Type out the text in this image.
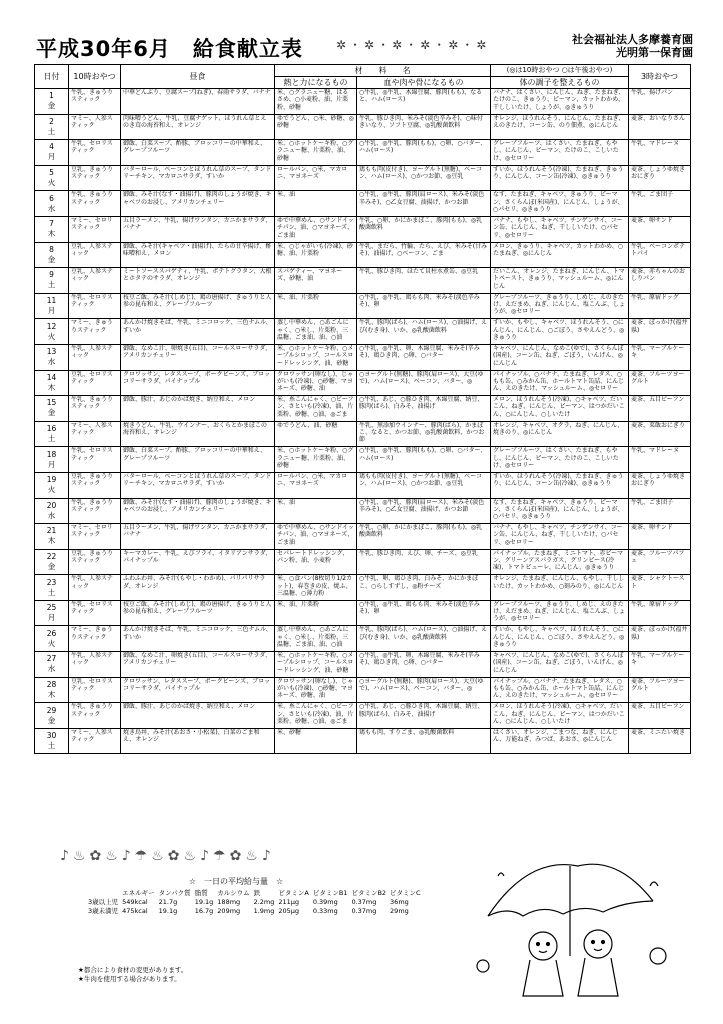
平成30年6月　給食献立表	✲・✲・✲・✲・✲・✲	社会福祉法人多摩養育園
光明第一保育園
日付	10時おやつ	昼食	材　　料　　名		(◎は10時おやつ ○は午後おやつ)	3時おやつ
			熱と力になるもの	血や肉や骨になるもの	体の調子を整えるもの	

1
金	牛乳、きゅうりスティック	中華どんぶり、豆腐スープ(ねぎ)、春雨サラダ、バナナ	米、○グラニュー糖、はるさめ、○小麦粉、油、片栗粉、砂糖	○牛乳、◎牛乳、木綿豆腐、豚肉(もも)、なると、ハム(ロース)	バナナ、はくさい、にんじん、ねぎ、たまねぎ、たけのこ、きゅうり、ピーマン、カットわかめ、干ししいたけ、しょうが、◎きゅうり	牛乳、揚げパン

2
土	マミー、人参スティック	肉味噌うどん、牛乳、豆腐ナゲット、ほうれん草とえのき茸の海苔和え、オレンジ	ゆでうどん、○米、砂糖、◎砂糖	牛乳、豚ひき肉、米みそ(淡色辛みそ)、○味付きいなり、ソフト豆腐、◎乳酸菌飲料	オレンジ、ほうれんそう、にんじん、たまねぎ、えのきたけ、コーン缶、のり佃煮、◎にんじん	麦茶、おいなりさん

4
月	牛乳、セロリスティック	御飯、白菜スープ、酢豚、ブロッコリーの中華和え、グレープフルーツ	米、○ホットケーキ粉、○グラニュー糖、片栗粉、油、砂糖	○牛乳、◎牛乳、豚肉(もも)、○卵、○バター、ハム(ロース)	グレープフルーツ、はくさい、たまねぎ、もやし、にんじん、ピーマン、たけのこ、こしいたけ、◎セロリー	牛乳、マドレーヌ

5
火	豆乳、きゅうりスティック	バターロール、ベーコンとほうれん草のスープ、タンドリーチキン、マカロニサラダ、すいか	ロールパン、○米、マカロニ、マヨネーズ	鶏もも肉(皮付き)、ヨーグルト(無糖)、ベーコン、ハム(ロース)、○かつお節、◎豆乳	すいか、ほうれんそう(冷凍)、たまねぎ、きゅうり、にんじん、コーン缶(冷凍)、◎きゅうり	麦茶、しょうゆ焼きおにぎり

6
水	牛乳、きゅうりスティック	御飯、みそ汁(なす・油揚げ)、豚肉のしょうが焼き、キャベツのお浸し、アメリカンチェリー	米、油	○牛乳、◎牛乳、豚肉(肩ロース)、米みそ(淡色辛みそ)、○乙女豆腐、油揚げ、かつお節	なす、たまねぎ、キャベツ、きゅうり、ピーマン、さくらんぼ(米国産)、にんじん、しょうが、○パセリ、◎きゅうり	牛乳、ごま団子

7
木	マミー、セロリスティック	五目ラーメン、牛乳、揚げワンタン、カニかまサラダ、バナナ	ゆで中華めん、○サンドイッチパン、油、○マヨネーズ、ごま油	牛乳、○卵、かにかまぼこ、豚肉(もも)、◎乳酸菌飲料	バナナ、もやし、キャベツ、チンゲンサイ、コーン缶、にんじん、ねぎ、干ししいたけ、○パセリ、◎セロリー	麦茶、卵サンド

8
金	豆乳、人参スティック	御飯、みそ汁(キャベツ・油揚げ)、たらの甘辛揚げ、酢味噌和え、メロン	米、○じゃがいも(冷凍)、砂糖、油、片栗粉	牛乳、まだら、竹輪、たら、えび、米みそ(甘みそ)、油揚げ、○ベーコン、ごま	メロン、きゅうり、キャベツ、カットわかめ、○たまねぎ、◎にんじん	牛乳、ベーコンポテトパイ

9
土	豆乳、人参スティック	ミートソーススパゲティ、牛乳、ポテトグラタン、大根とホタテのサラダ、オレンジ	スパゲティー、マヨネーズ、砂糖、油	牛乳、豚ひき肉、ほたて貝柱水煮缶、◎豆乳	だいこん、オレンジ、たまねぎ、にんじん、トマトペースト、きゅうり、マッシュルーム、◎にんじん	麦茶、赤ちゃんのおしりパン

11
月	牛乳、セロリスティック	枝豆ご飯、みそ汁(しめじ)、鶏の唐揚げ、きゅうりと人参の昆布和え、グレープフルーツ	米、油、片栗粉	○牛乳、◎牛乳、鶏もも肉、米みそ(淡色辛みそ)、卵	グレープフルーツ、きゅうり、しめじ、えのきたけ、えだまめ、ねぎ、にんじん、塩こんぶ、しょうが、◎セロリー	牛乳、原宿ドッグ

12
火	マミー、きゅうりスティック	あんかけ焼きそば、牛乳、ミニコロッケ、三色ナムル、すいか	蒸し中華めん、○あごんにゃく、○米し、片栗粉、三温糖、ごま油、油、○油	牛乳、豚肉(ばら)、ハム(ロース)、○油揚げ、えび(むき身)、いか、◎乳酸菌飲料	すいか、もやし、キャベツ、ほうれんそう、○にんじん、にんじん、○ごぼう、さやえんどう、◎きゅうり	麦茶、ぽっかけ(福井県)

13
水	牛乳、人参スティック	御飯、なめこ汁、卵焼き(五目)、コールスローサラダ、アメリカンチェリー	米、○ホットケーキ粉、○メープルシロップ、コールスロードレッシング、油、砂糖	○牛乳、◎牛乳、卵、木綿豆腐、米みそ(辛みそ)、鶏ひき肉、○卵、○バター	キャベツ、にんじん、なめこ(ゆで)、さくらんぼ(国産)、コーン缶、ねぎ、ごぼう、いんげん、◎にんじん	牛乳、マーブルケーキ

14
木	豆乳、セロリスティック	クロワッサン、レタススープ、ポークビーンズ、ブロッコリーサラダ、パイナップル	クロワッサン(卵なし)、じゃがいも(冷凍)、○砂糖、マヨネーズ、砂糖、油	○ヨーグルト(無糖)、豚肉(肩ロース)、大豆(ゆで)、ハム(ロース)、ベーコン、バター、◎	パイナップル、○バナナ、たまねぎ、レタス、○もも缶、○みかん缶、ホールトマト缶詰、にんじん、えのきたけ、マッシュルーム、◎セロリー	麦茶、フルーツヨーグルト

15
金	牛乳、きゅうりスティック	御飯、豚汁、あじのかば焼き、納豆和え、メロン	米、糸こんにゃく、○ビーフン、さといも(冷凍)、油、片栗粉、砂糖、○油、◎ごま	○牛乳、あじ、○豚ひき肉、木綿豆腐、納豆、豚肉(ばら)、白みそ、油揚げ	メロン、ほうれんそう(冷凍)、○キャベツ、だいこん、ねぎ、にんじん、ピーマン、はつかだいこん、○にんじん、○しいたけ	麦茶、五目ビーフン

16
土	マミー、人参スティック	焼きうどん、牛乳、ウインナー、おくらとかまぼこの海苔和え、オレンジ	ゆでうどん、油、砂糖	牛乳、無添加ウインナー、豚肉(ばら)、かまぼこ、なると、かつお節、◎乳酸菌飲料、かつお節	オレンジ、キャベツ、オクラ、ねぎ、にんじん、焼きのり、◎にんじん	麦茶、菜飯おにぎり

18
月	牛乳、セロリスティック	御飯、白菜スープ、酢豚、ブロッコリーの中華和え、グレープフルーツ	米、○ホットケーキ粉、○グラニュー糖、片栗粉、油、砂糖	○牛乳、◎牛乳、豚肉(もも)、○卵、○バター、ハム(ロース)	グレープフルーツ、はくさい、たまねぎ、もやし、にんじん、ピーマン、たけのこ、こしいたけ、◎セロリー	牛乳、マドレーヌ

19
火	豆乳、きゅうりスティック	バターロール、ベーコンとほうれん草のスープ、タンドリーチキン、マカロニサラダ、すいか	ロールパン、○米、マカロニ、マヨネーズ	鶏もも肉(皮付き)、ヨーグルト(無糖)、ベーコン、ハム(ロース)、○かつお節、◎豆乳	すいか、ほうれんそう(冷凍)、たまねぎ、きゅうり、にんじん、コーン缶(冷凍)、◎きゅうり	麦茶、しょうゆ焼きおにぎり

20
水	牛乳、きゅうりスティック	御飯、みそ汁(なす・油揚げ)、豚肉のしょうが焼き、キャベツのお浸し、アメリカンチェリー	米、油	○牛乳、◎牛乳、豚肉(肩ロース)、米みそ(淡色辛みそ)、○乙女豆腐、油揚げ、かつお節	なす、たまねぎ、キャベツ、きゅうり、ピーマン、さくらんぼ(米国産)、にんじん、しょうが、○パセリ、◎きゅうり	牛乳、ごま団子

21
木	マミー、セロリスティック	五目ラーメン、牛乳、揚げワンタン、カニかまサラダ、バナナ	ゆで中華めん、○サンドイッチパン、油、○マヨネーズ、ごま油	牛乳、○卵、かにかまぼこ、豚肉(もも)、◎乳酸菌飲料	バナナ、もやし、キャベツ、チンゲンサイ、コーン缶、にんじん、ねぎ、干ししいたけ、○パセリ、◎セロリー	麦茶、卵サンド

22
金	豆乳、きゅうりスティック	キーマカレー、牛乳、えびフライ、イタリアンサラダ、パイナップル	セパレートドレッシング、パン粉、油、小麦粉	牛乳、豚ひき肉、えび、卵、チーズ、◎豆乳	パイナップル、たまねぎ、ミニトマト、赤ピーマン、グリーンアスパラガス、グリンピース(冷凍)、トマトピューレ、にんじん、◎きゅうり	麦茶、フルーツパフェ

23
土	牛乳、人参スティック	ふわふわ丼、みそ汁(もやし・わかめ)、パリパリサラダ、オレンジ	米、○食パン(8枚切り1/2カット)、春巻きの皮、焼ふ、三温糖、○薄力粉	○牛乳、卵、鶏ひき肉、白みそ、かにかまぼこ、○らしすずし、◎粉チーズ	オレンジ、たまねぎ、にんじん、もやし、干ししいたけ、カットわかめ、○刻みのり、◎にんじん	麦茶、シャケトースト

25
月	牛乳、セロリスティック	枝豆ご飯、みそ汁(しめじ)、鶏の唐揚げ、きゅうりと人参の昆布和え、グレープフルーツ	米、油、片栗粉	○牛乳、◎牛乳、鶏もも肉、米みそ(淡色辛みそ)、卵	グレープフルーツ、きゅうり、しめじ、えのきたけ、えだまめ、ねぎ、にんじん、塩こんぶ、しょうが、◎セロリー	牛乳、原宿ドッグ

26
火	マミー、きゅうりスティック	あんかけ焼きそば、牛乳、ミニコロッケ、三色ナムル、すいか	蒸し中華めん、○あごんにゃく、○米し、片栗粉、三温糖、ごま油、油、○油	牛乳、豚肉(ばら)、ハム(ロース)、○油揚げ、えび(むき身)、いか、◎乳酸菌飲料	すいか、もやし、キャベツ、ほうれんそう、○にんじん、にんじん、○ごぼう、さやえんどう、◎きゅうり	麦茶、ぽっかけ(福井県)

27
水	牛乳、人参スティック	御飯、なめこ汁、卵焼き(五目)、コールスローサラダ、アメリカンチェリー	米、○ホットケーキ粉、○メープルシロップ、コールスロードレッシング、油、砂糖	○牛乳、◎牛乳、卵、木綿豆腐、米みそ(辛みそ)、鶏ひき肉、○卵、○バター	キャベツ、にんじん、なめこ(ゆで)、さくらんぼ(国産)、コーン缶、ねぎ、ごぼう、いんげん、◎にんじん	牛乳、マーブルケーキ

28
木	豆乳、セロリスティック	クロワッサン、レタススープ、ポークビーンズ、ブロッコリーサラダ、パイナップル	クロワッサン(卵なし)、じゃがいも(冷凍)、○砂糖、マヨネーズ、砂糖、油	○ヨーグルト(無糖)、豚肉(肩ロース)、大豆(ゆで)、ハム(ロース)、ベーコン、バター、◎	パイナップル、○バナナ、たまねぎ、レタス、○もも缶、○みかん缶、ホールトマト缶詰、にんじん、えのきたけ、マッシュルーム、◎セロリー	麦茶、フルーツヨーグルト

29
金	牛乳、きゅうりスティック	御飯、豚汁、あじのかば焼き、納豆和え、メロン	米、糸こんにゃく、○ビーフン、さといも(冷凍)、油、片栗粉、砂糖、○油、◎ごま	○牛乳、あじ、○豚ひき肉、木綿豆腐、納豆、豚肉(ばら)、白みそ、油揚げ	メロン、ほうれんそう(冷凍)、○キャベツ、だいこん、ねぎ、にんじん、ピーマン、はつかだいこん、○にんじん、○しいたけ	麦茶、五目ビーフン

30
土	マミー、人参スティック	焼き鳥丼、みそ汁(あおさ・小松菜)、白菜のごま和え、オレンジ	米、砂糖	鶏もも肉、すりごま、◎乳酸菌飲料	はくさい、オレンジ、こまつな、ねぎ、にんじん、万能ねぎ、みつば、あおさ、◎にんじん	麦茶、ミニたい焼き
♪♨✿♨♪☂♨✿♨♪☂✿♨♪
☆　一日の平均給与量　☆
	エネルギー	タンパク質	脂質	カルシウム	鉄	ビタミンA	ビタミンB1	ビタミンB2	ビタミンC
3歳以上児	549kcal	21.7g	19.1g	188mg	2.2mg	211μg	0.39mg	0.37mg	36mg
3歳未満児	475kcal	19.1g	16.7g	209mg	1.9mg	205μg	0.33mg	0.37mg	29mg
★都合により食材の変更があります。
★牛肉を使用する場合があります。
